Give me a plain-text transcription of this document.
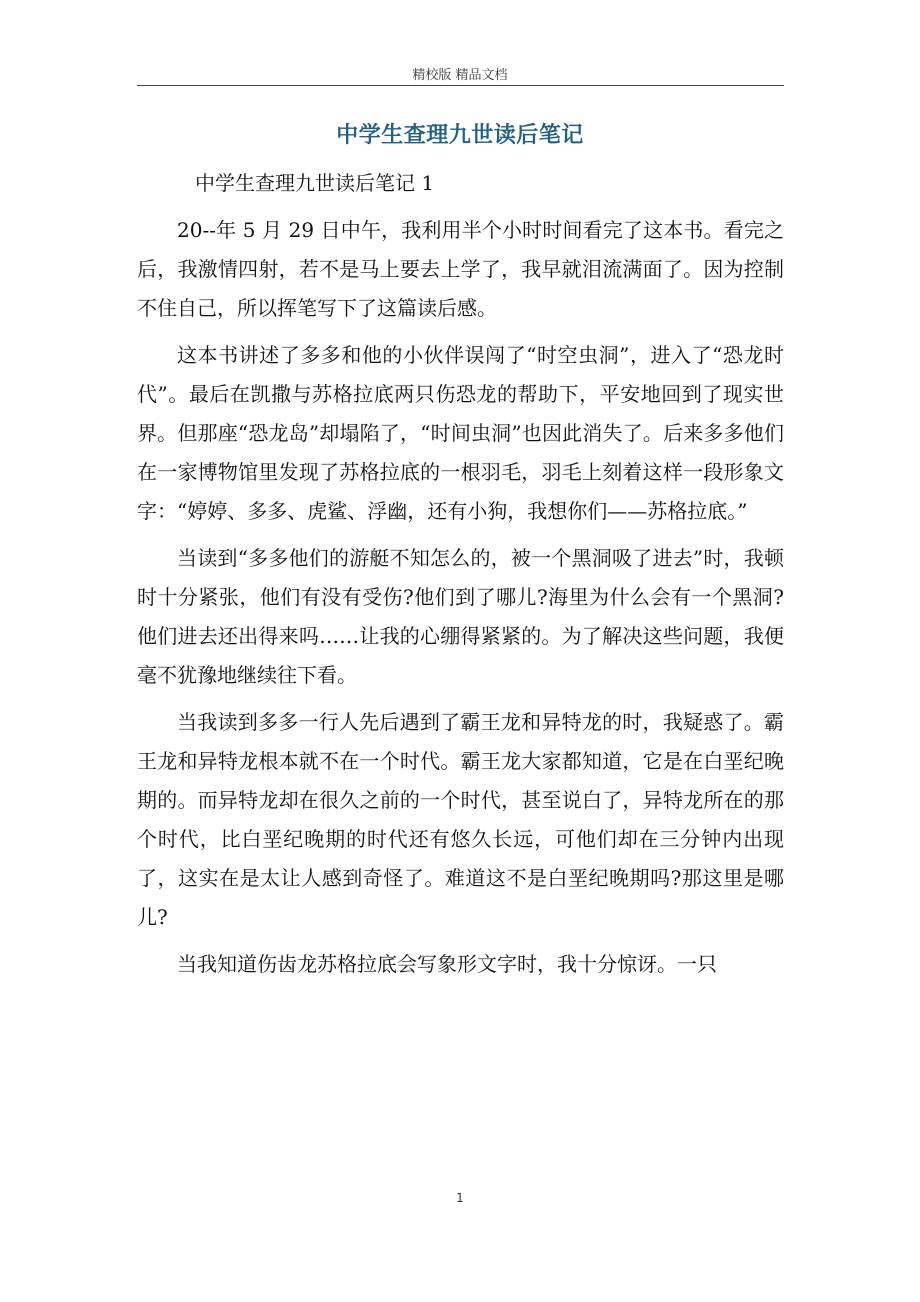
精校版 精品文档
中学生查理九世读后笔记

中学生查理九世读后笔记 1

20--年 5 月 29 日中午，我利用半个小时时间看完了这本书。看完之后，我激情四射，若不是马上要去上学了，我早就泪流满面了。因为控制不住自己，所以挥笔写下了这篇读后感。

这本书讲述了多多和他的小伙伴误闯了“时空虫洞”，进入了“恐龙时代”。最后在凯撒与苏格拉底两只伤恐龙的帮助下，平安地回到了现实世界。但那座“恐龙岛”却塌陷了，“时间虫洞”也因此消失了。后来多多他们在一家博物馆里发现了苏格拉底的一根羽毛，羽毛上刻着这样一段形象文字：“婷婷、多多、虎鲨、浮幽，还有小狗，我想你们——苏格拉底。”

当读到“多多他们的游艇不知怎么的，被一个黑洞吸了进去”时，我顿时十分紧张，他们有没有受伤?他们到了哪儿?海里为什么会有一个黑洞?他们进去还出得来吗……让我的心绷得紧紧的。为了解决这些问题，我便毫不犹豫地继续往下看。

当我读到多多一行人先后遇到了霸王龙和异特龙的时，我疑惑了。霸王龙和异特龙根本就不在一个时代。霸王龙大家都知道，它是在白垩纪晚期的。而异特龙却在很久之前的一个时代，甚至说白了，异特龙所在的那个时代，比白垩纪晚期的时代还有悠久长远，可他们却在三分钟内出现了，这实在是太让人感到奇怪了。难道这不是白垩纪晚期吗?那这里是哪儿?

当我知道伤齿龙苏格拉底会写象形文字时，我十分惊讶。一只

1
